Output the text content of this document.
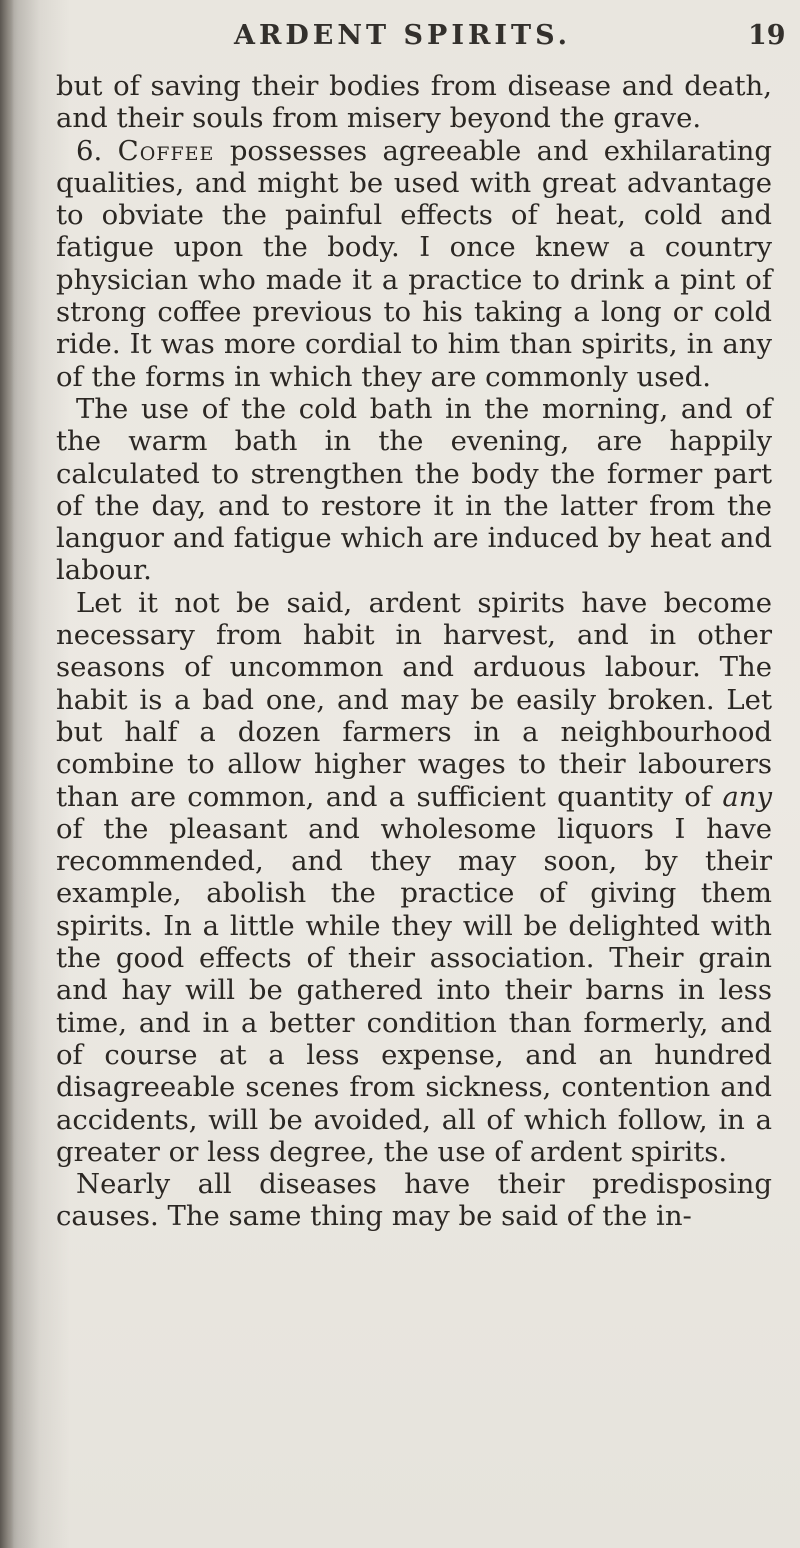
ARDENT SPIRITS.	19

but of saving their bodies from disease and death, and their souls from misery beyond the grave.

6. Coffee possesses agreeable and exhilarating qualities, and might be used with great advantage to obviate the painful effects of heat, cold and fatigue upon the body. I once knew a country physician who made it a practice to drink a pint of strong coffee previous to his taking a long or cold ride. It was more cordial to him than spirits, in any of the forms in which they are commonly used.

The use of the cold bath in the morning, and of the warm bath in the evening, are happily calculated to strengthen the body the former part of the day, and to restore it in the latter from the languor and fatigue which are induced by heat and labour.

Let it not be said, ardent spirits have become necessary from habit in harvest, and in other seasons of uncommon and arduous labour. The habit is a bad one, and may be easily broken. Let but half a dozen farmers in a neighbourhood combine to allow higher wages to their labourers than are common, and a sufficient quantity of any of the pleasant and wholesome liquors I have recommended, and they may soon, by their example, abolish the practice of giving them spirits. In a little while they will be delighted with the good effects of their association. Their grain and hay will be gathered into their barns in less time, and in a better condition than formerly, and of course at a less expense, and an hundred disagreeable scenes from sickness, contention and accidents, will be avoided, all of which follow, in a greater or less degree, the use of ardent spirits.

Nearly all diseases have their predisposing causes. The same thing may be said of the in-
